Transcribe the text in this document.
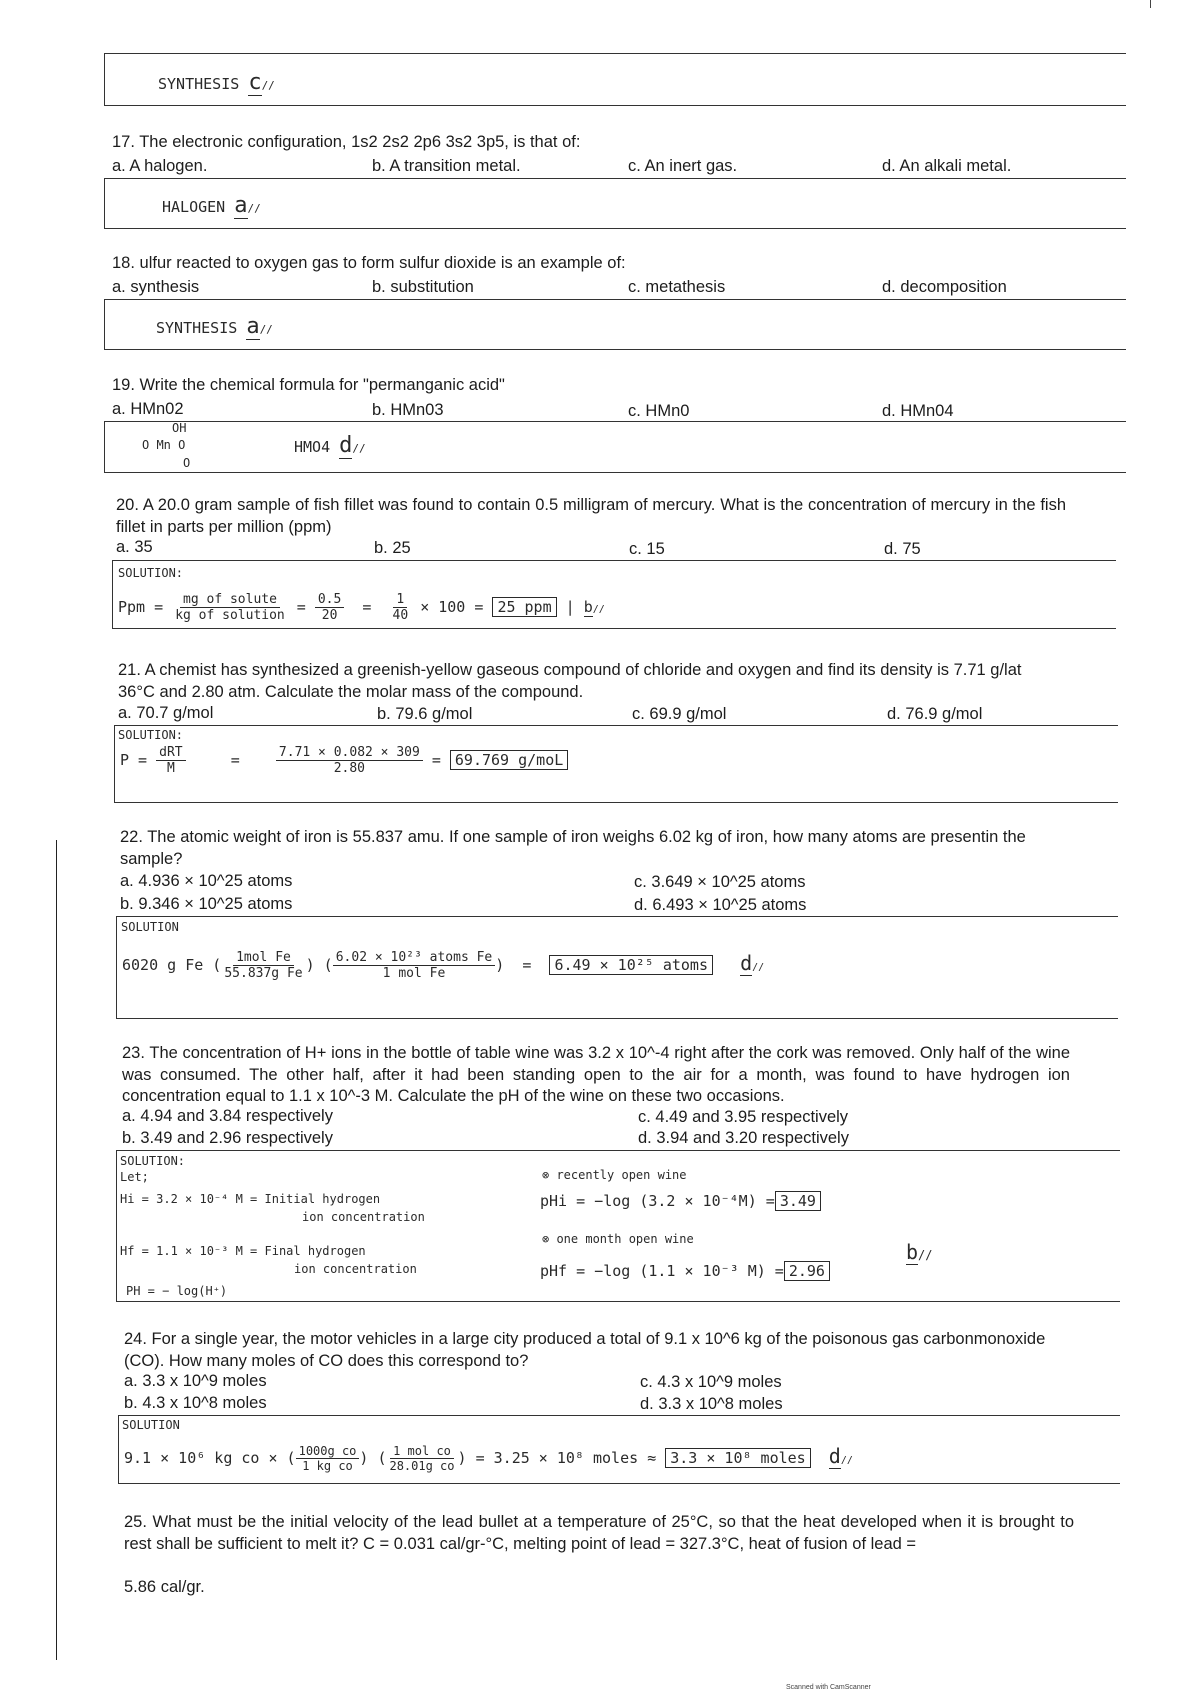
SYNTHESIS c//
17. The electronic configuration, 1s2 2s2 2p6 3s2 3p5, is that of:
a. A halogen.	b. A transition metal.	c. An inert gas.	d. An alkali metal.
HALOGEN a//
18. ulfur reacted to oxygen gas to form sulfur dioxide is an example of:
a. synthesis	b. substitution	c. metathesis	d. decomposition
SYNTHESIS a//
19. Write the chemical formula for "permanganic acid"
a. HMn02	b. HMn03	c. HMn0	d. HMn04
OH
O Mn O
O
HMO4 d//
20. A 20.0 gram sample of fish fillet was found to contain 0.5 milligram of mercury. What is the concentration of mercury in the fish fillet in parts per million (ppm)
a. 35	b. 25	c. 15	d. 75
SOLUTION:
Ppm = $\frac{\text{mg of solute}}{\text{kg of solution}} = \frac{0.5}{20} = \frac{1}{40} \times 100 = 25$ ppm | b//
21. A chemist has synthesized a greenish-yellow gaseous compound of chloride and oxygen and find its density is 7.71 g/lat 36°C and 2.80 atm. Calculate the molar mass of the compound.
a. 70.7 g/mol	b. 79.6 g/mol	c. 69.9 g/mol	d. 76.9 g/mol
SOLUTION:
$P = \frac{\text{dRT}}{M}$	=	$\frac{7.71 \times 0.082 \times 309}{2.80} = 69.769$ g/moL
22. The atomic weight of iron is 55.837 amu. If one sample of iron weighs 6.02 kg of iron, how many atoms are presentin the sample?
a. 4.936 × 10^25 atoms	c. 3.649 × 10^25 atoms
b. 9.346 × 10^25 atoms	d. 6.493 × 10^25 atoms
SOLUTION
6020 g Fe ( $\frac{\text{1mol Fe}}{\text{55.837g Fe}}$ ) ( $\frac{\text{6.02 × 10²³ atoms Fe}}{\text{1 mol Fe}}$ )  = 6.49 × 10²⁵ atoms d//
23. The concentration of H+ ions in the bottle of table wine was 3.2 x 10^-4 right after the cork was removed. Only half of the wine was consumed. The other half, after it had been standing open to the air for a month, was found to have hydrogen ion concentration equal to 1.1 x 10^-3 M. Calculate the pH of the wine on these two occasions.
a. 4.94 and 3.84 respectively	c. 4.49 and 3.95 respectively
b. 3.49 and 2.96 respectively	d. 3.94 and 3.20 respectively
SOLUTION:
Let;
Hi = 3.2 × 10⁻⁴ M = Initial hydrogen
ion concentration
Hf = 1.1 × 10⁻³ M = Final hydrogen
ion concentration
PH = − log(H⁺)
⊗ recently open wine
pHi = −log (3.2 × 10⁻⁴M) = 3.49
⊗ one month open wine
pHf = −log (1.1 × 10⁻³ M) = 2.96
b//
24. For a single year, the motor vehicles in a large city produced a total of 9.1 x 10^6 kg of the poisonous gas carbonmonoxide (CO). How many moles of CO does this correspond to?
a. 3.3 x 10^9 moles	c. 4.3 x 10^9 moles
b. 4.3 x 10^8 moles	d. 3.3 x 10^8 moles
SOLUTION
9.1 × 10⁶ kg co × ( $\frac{\text{1000g co}}{\text{1 kg co}}$ ) ( $\frac{\text{1 mol co}}{\text{28.01g co}}$ ) = 3.25 × 10⁸ moles ≈ 3.3 × 10⁸ moles d//
25. What must be the initial velocity of the lead bullet at a temperature of 25°C, so that the heat developed when it is brought to rest shall be sufficient to melt it? C = 0.031 cal/gr-°C, melting point of lead = 327.3°C, heat of fusion of lead =
5.86 cal/gr.
Scanned with CamScanner
